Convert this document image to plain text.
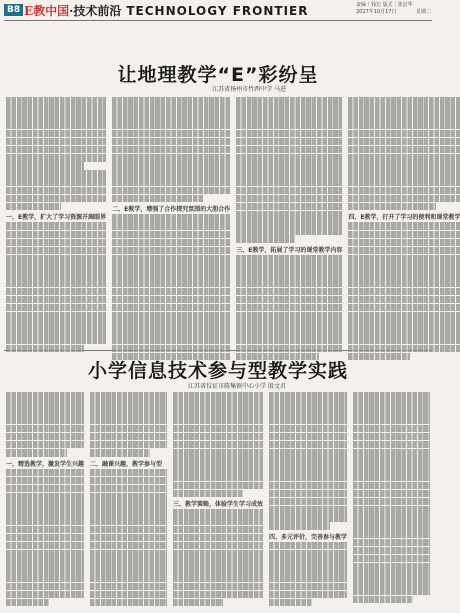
B8 E教中国·技术前沿 TECHNOLOGY FRONTIER	责编｜钱宏 版式｜张洁华
2017年10月17日	星期二
让地理教学“E”彩纷呈
江苏省扬州市竹西中学 马进
一、E教学，扩大了学习资源开阔眼界
二、E教学，增强了合作探究氛围的大胆合作
三、E教学，拓展了学习的课堂教学内容
四、E教学，打开了学习的便利和课堂教学
小学信息技术参与型教学实践
江苏省仪征市陈集镇中心小学 殷文君
一、精选教学，激发学生兴趣 二、融课兴趣，教学参与型
三、教学策略，体验学生学习成效
四、多元评价，完善参与教学
